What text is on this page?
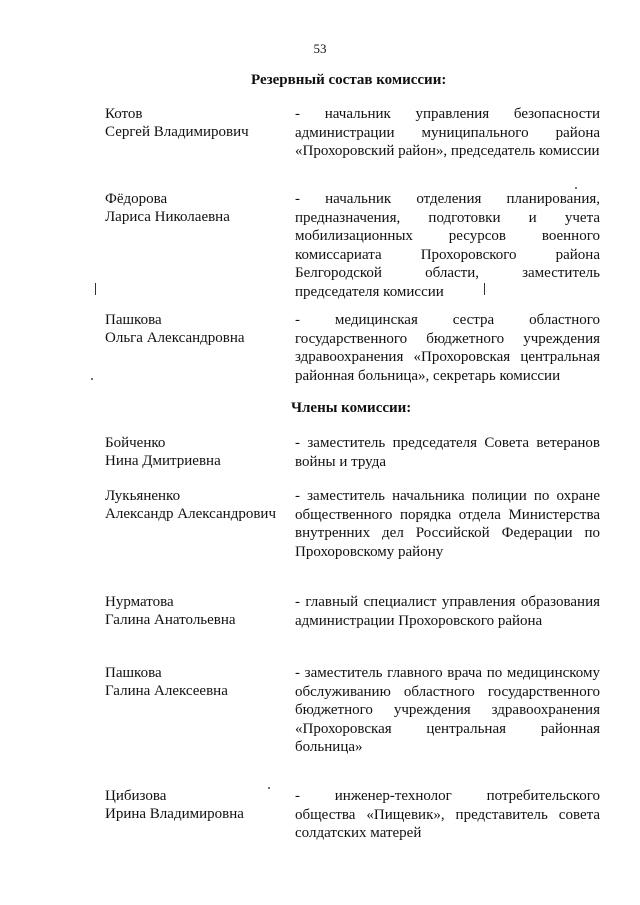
53
Резервный состав комиссии:
Котов
Сергей Владимирович
- начальник управления безопасности администрации муниципального района «Прохоровский район», председатель комиссии
Фёдорова
Лариса Николаевна
- начальник отделения планирования, предназначения, подготовки и учета мобилизационных ресурсов военного комиссариата Прохоровского района Белгородской области, заместитель председателя комиссии
Пашкова
Ольга Александровна
- медицинская сестра областного государственного бюджетного учреждения здравоохранения «Прохоровская центральная районная больница», секретарь комиссии
Члены комиссии:
Бойченко
Нина Дмитриевна
- заместитель председателя Совета ветеранов войны и труда
Лукьяненко
Александр Александрович
- заместитель начальника полиции по охране общественного порядка отдела Министерства внутренних дел Российской Федерации по Прохоровскому району
Нурматова
Галина Анатольевна
- главный специалист управления образования администрации Прохоровского района
Пашкова
Галина Алексеевна
- заместитель главного врача по медицинскому обслуживанию областного государственного бюджетного учреждения здравоохранения «Прохоровская центральная районная больница»
Цибизова
Ирина Владимировна
- инженер-технолог потребительского общества «Пищевик», представитель совета солдатских матерей
